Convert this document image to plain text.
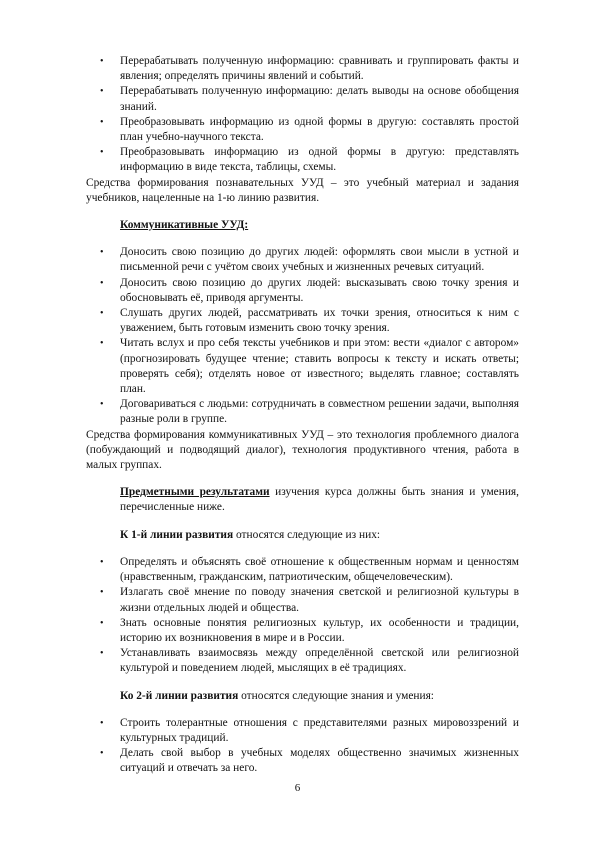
• Перерабатывать полученную информацию: сравнивать и группировать факты и явления; определять причины явлений и событий.
• Перерабатывать полученную информацию: делать выводы на основе обобщения знаний.
• Преобразовывать информацию из одной формы в другую: составлять простой план учебно-научного текста.
• Преобразовывать информацию из одной формы в другую: представлять информацию в виде текста, таблицы, схемы.

Средства формирования познавательных УУД – это учебный материал и задания учебников, нацеленные на 1-ю линию развития.

Коммуникативные УУД:

• Доносить свою позицию до других людей: оформлять свои мысли в устной и письменной речи с учётом своих учебных и жизненных речевых ситуаций.
• Доносить свою позицию до других людей: высказывать свою точку зрения и обосновывать её, приводя аргументы.
• Слушать других людей, рассматривать их точки зрения, относиться к ним с уважением, быть готовым изменить свою точку зрения.
• Читать вслух и про себя тексты учебников и при этом: вести «диалог с автором» (прогнозировать будущее чтение; ставить вопросы к тексту и искать ответы; проверять себя); отделять новое от известного; выделять главное; составлять план.
• Договариваться с людьми: сотрудничать в совместном решении задачи, выполняя разные роли в группе.

Средства формирования коммуникативных УУД – это технология проблемного диалога (побуждающий и подводящий диалог), технология продуктивного чтения, работа в малых группах.

Предметными результатами изучения курса должны быть знания и умения, перечисленные ниже.

К 1-й линии развития относятся следующие из них:

• Определять и объяснять своё отношение к общественным нормам и ценностям (нравственным, гражданским, патриотическим, общечеловеческим).
• Излагать своё мнение по поводу значения светской и религиозной культуры в жизни отдельных людей и общества.
• Знать основные понятия религиозных культур, их особенности и традиции, историю их возникновения в мире и в России.
• Устанавливать взаимосвязь между определённой светской или религиозной культурой и поведением людей, мыслящих в её традициях.

Ко 2-й линии развития относятся следующие знания и умения:

• Строить толерантные отношения с представителями разных мировоззрений и культурных традиций.
• Делать свой выбор в учебных моделях общественно значимых жизненных ситуаций и отвечать за него.
6
